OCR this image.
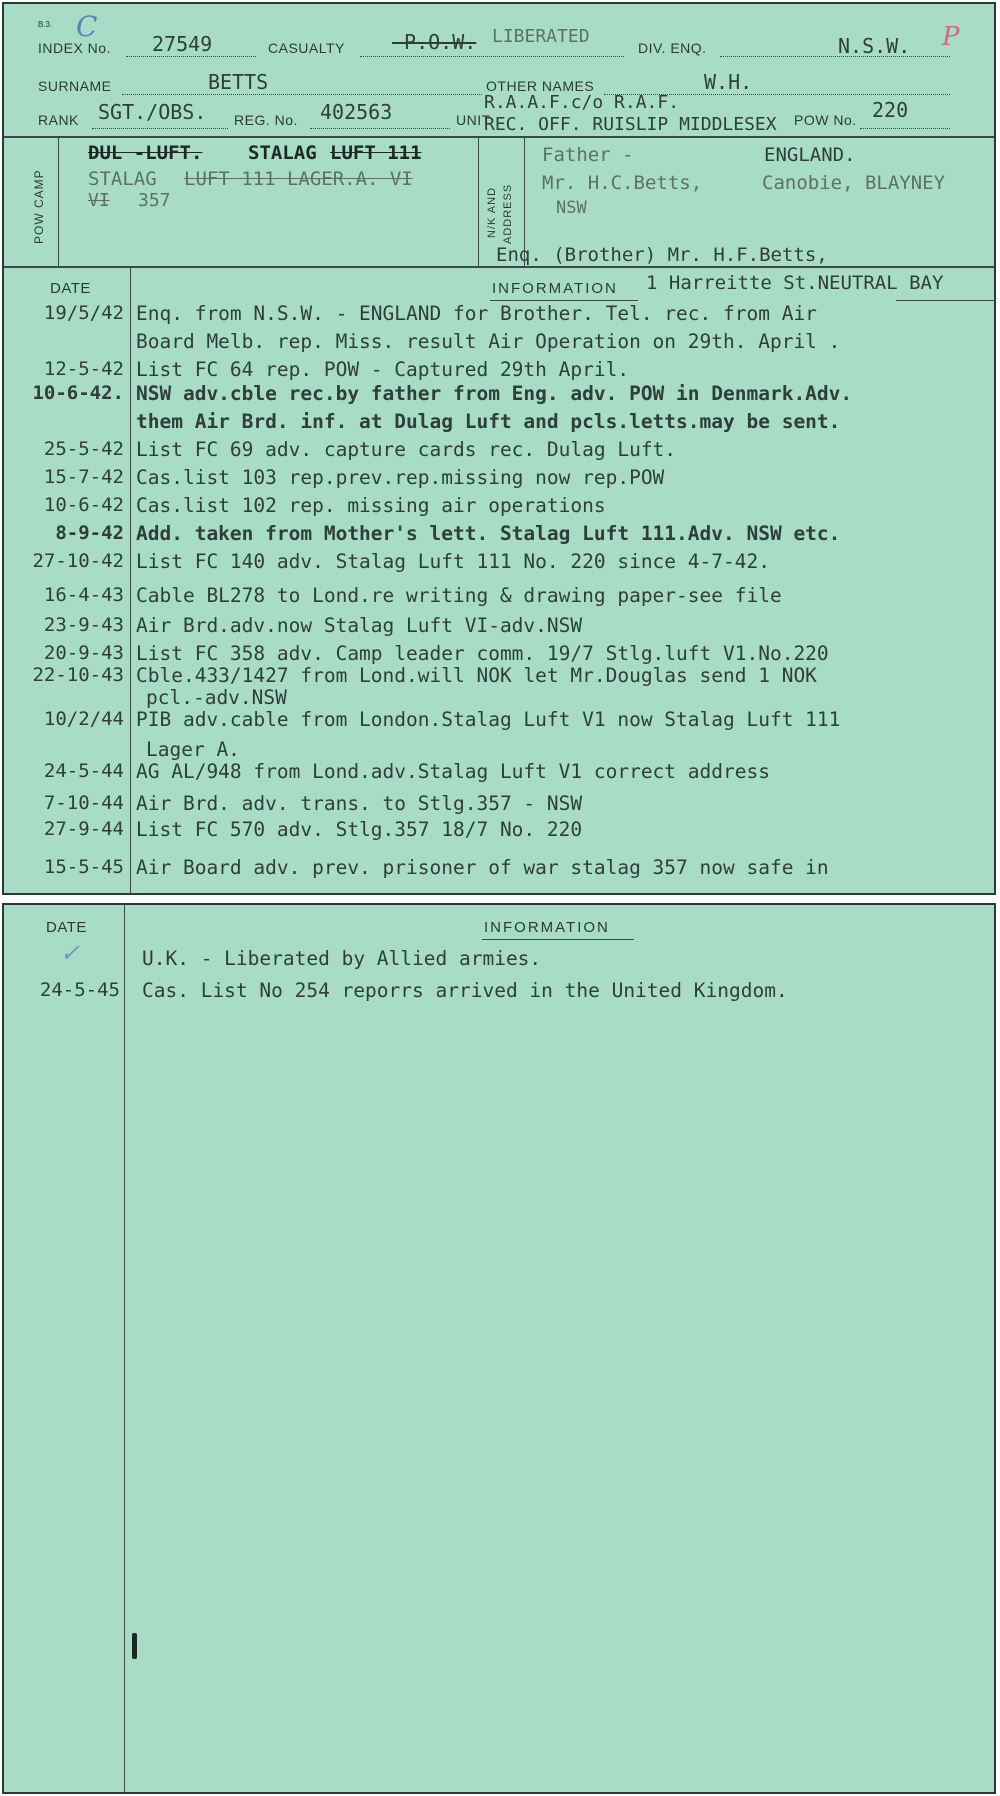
B.3.
INDEX No. 27549	CASUALTY -P.O.W. LIBERATED
DIV. ENQ.	N.S.W. P
C
SURNAME	BETTS	OTHER NAMES	W.H.
RANK SGT./OBS. REG. No. 402563	UNIT
R.A.A.F.c/o R.A.F.
REC. OFF. RUISLIP MIDDLESEX POW No. 220
POW CAMP	N/K AND ADDRESS
DUL -LUFT. STALAG LUFT 111
STALAG LUFT 111 LAGER.A. VI
VI 357
Father -	ENGLAND.
Mr. H.C.Betts,	Canobie, BLAYNEY
NSW
Enq. (Brother) Mr. H.F.Betts,
DATE	INFORMATION 1 Harreitte St.NEUTRAL BAY
19/5/42 Enq. from N.S.W. - ENGLAND for Brother. Tel. rec. from Air
Board Melb. rep. Miss. result Air Operation on 29th. April .
12-5-42 List FC 64 rep. POW - Captured 29th April.
10-6-42. NSW adv.cble rec.by father from Eng. adv. POW in Denmark.Adv.
them Air Brd. inf. at Dulag Luft and pcls.letts.may be sent.
25-5-42 List FC 69 adv. capture cards rec. Dulag Luft.
15-7-42 Cas.list 103 rep.prev.rep.missing now rep.POW
10-6-42 Cas.list 102 rep. missing air operations
8-9-42 Add. taken from Mother's lett. Stalag Luft 111.Adv. NSW etc.
27-10-42 List FC 140 adv. Stalag Luft 111 No. 220 since 4-7-42.
16-4-43 Cable BL278 to Lond.re writing & drawing paper-see file
23-9-43 Air Brd.adv.now Stalag Luft VI-adv.NSW
20-9-43 List FC 358 adv. Camp leader comm. 19/7 Stlg.luft V1.No.220
22-10-43 Cble.433/1427 from Lond.will NOK let Mr.Douglas send 1 NOK
pcl.-adv.NSW
10/2/44 PIB adv.cable from London.Stalag Luft V1 now Stalag Luft 111
Lager A.
24-5-44 AG AL/948 from Lond.adv.Stalag Luft V1 correct address
7-10-44 Air Brd. adv. trans. to Stlg.357 - NSW
27-9-44 List FC 570 adv. Stlg.357 18/7 No. 220
15-5-45 Air Board adv. prev. prisoner of war stalag 357 now safe in
DATE	INFORMATION
✓	U.K. - Liberated by Allied armies.
24-5-45 Cas. List No 254 reporrs arrived in the United Kingdom.
